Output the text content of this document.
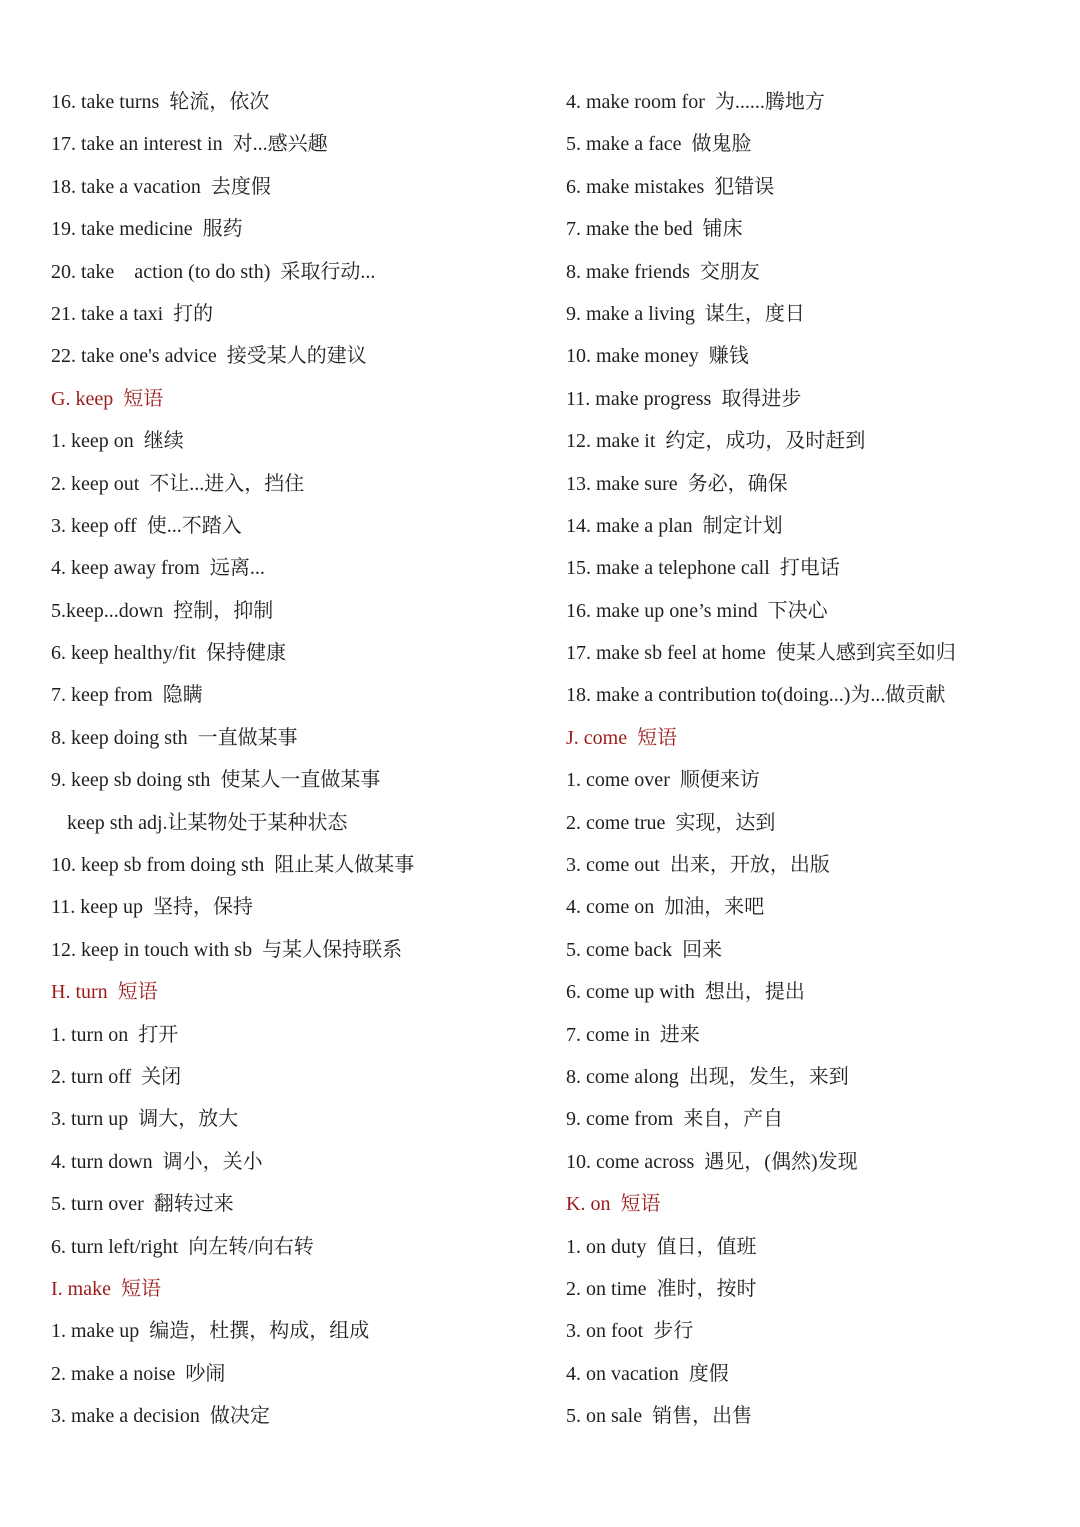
16. take turns  轮流，依次
17. take an interest in  对...感兴趣
18. take a vacation  去度假
19. take medicine  服药
20. take    action (to do sth)  采取行动...
21. take a taxi  打的
22. take one's advice  接受某人的建议
G. keep  短语
1. keep on  继续
2. keep out  不让...进入，挡住
3. keep off  使...不踏入
4. keep away from  远离...
5.keep...down  控制，抑制
6. keep healthy/fit  保持健康
7. keep from  隐瞒
8. keep doing sth  一直做某事
9. keep sb doing sth  使某人一直做某事
keep sth adj.让某物处于某种状态
10. keep sb from doing sth  阻止某人做某事
11. keep up  坚持，保持
12. keep in touch with sb  与某人保持联系
H. turn  短语
1. turn on  打开
2. turn off  关闭
3. turn up  调大，放大
4. turn down  调小，关小
5. turn over  翻转过来
6. turn left/right  向左转/向右转
I. make  短语
1. make up  编造，杜撰，构成，组成
2. make a noise  吵闹
3. make a decision  做决定
4. make room for  为......腾地方
5. make a face  做鬼脸
6. make mistakes  犯错误
7. make the bed  铺床
8. make friends  交朋友
9. make a living  谋生，度日
10. make money  赚钱
11. make progress  取得进步
12. make it  约定，成功，及时赶到
13. make sure  务必，确保
14. make a plan  制定计划
15. make a telephone call  打电话
16. make up one’s mind  下决心
17. make sb feel at home  使某人感到宾至如归
18. make a contribution to(doing...)为...做贡献
J. come  短语
1. come over  顺便来访
2. come true  实现，达到
3. come out  出来，开放，出版
4. come on  加油，来吧
5. come back  回来
6. come up with  想出，提出
7. come in  进来
8. come along  出现，发生，来到
9. come from  来自，产自
10. come across  遇见，(偶然)发现
K. on  短语
1. on duty  值日，值班
2. on time  准时，按时
3. on foot  步行
4. on vacation  度假
5. on sale  销售，出售
